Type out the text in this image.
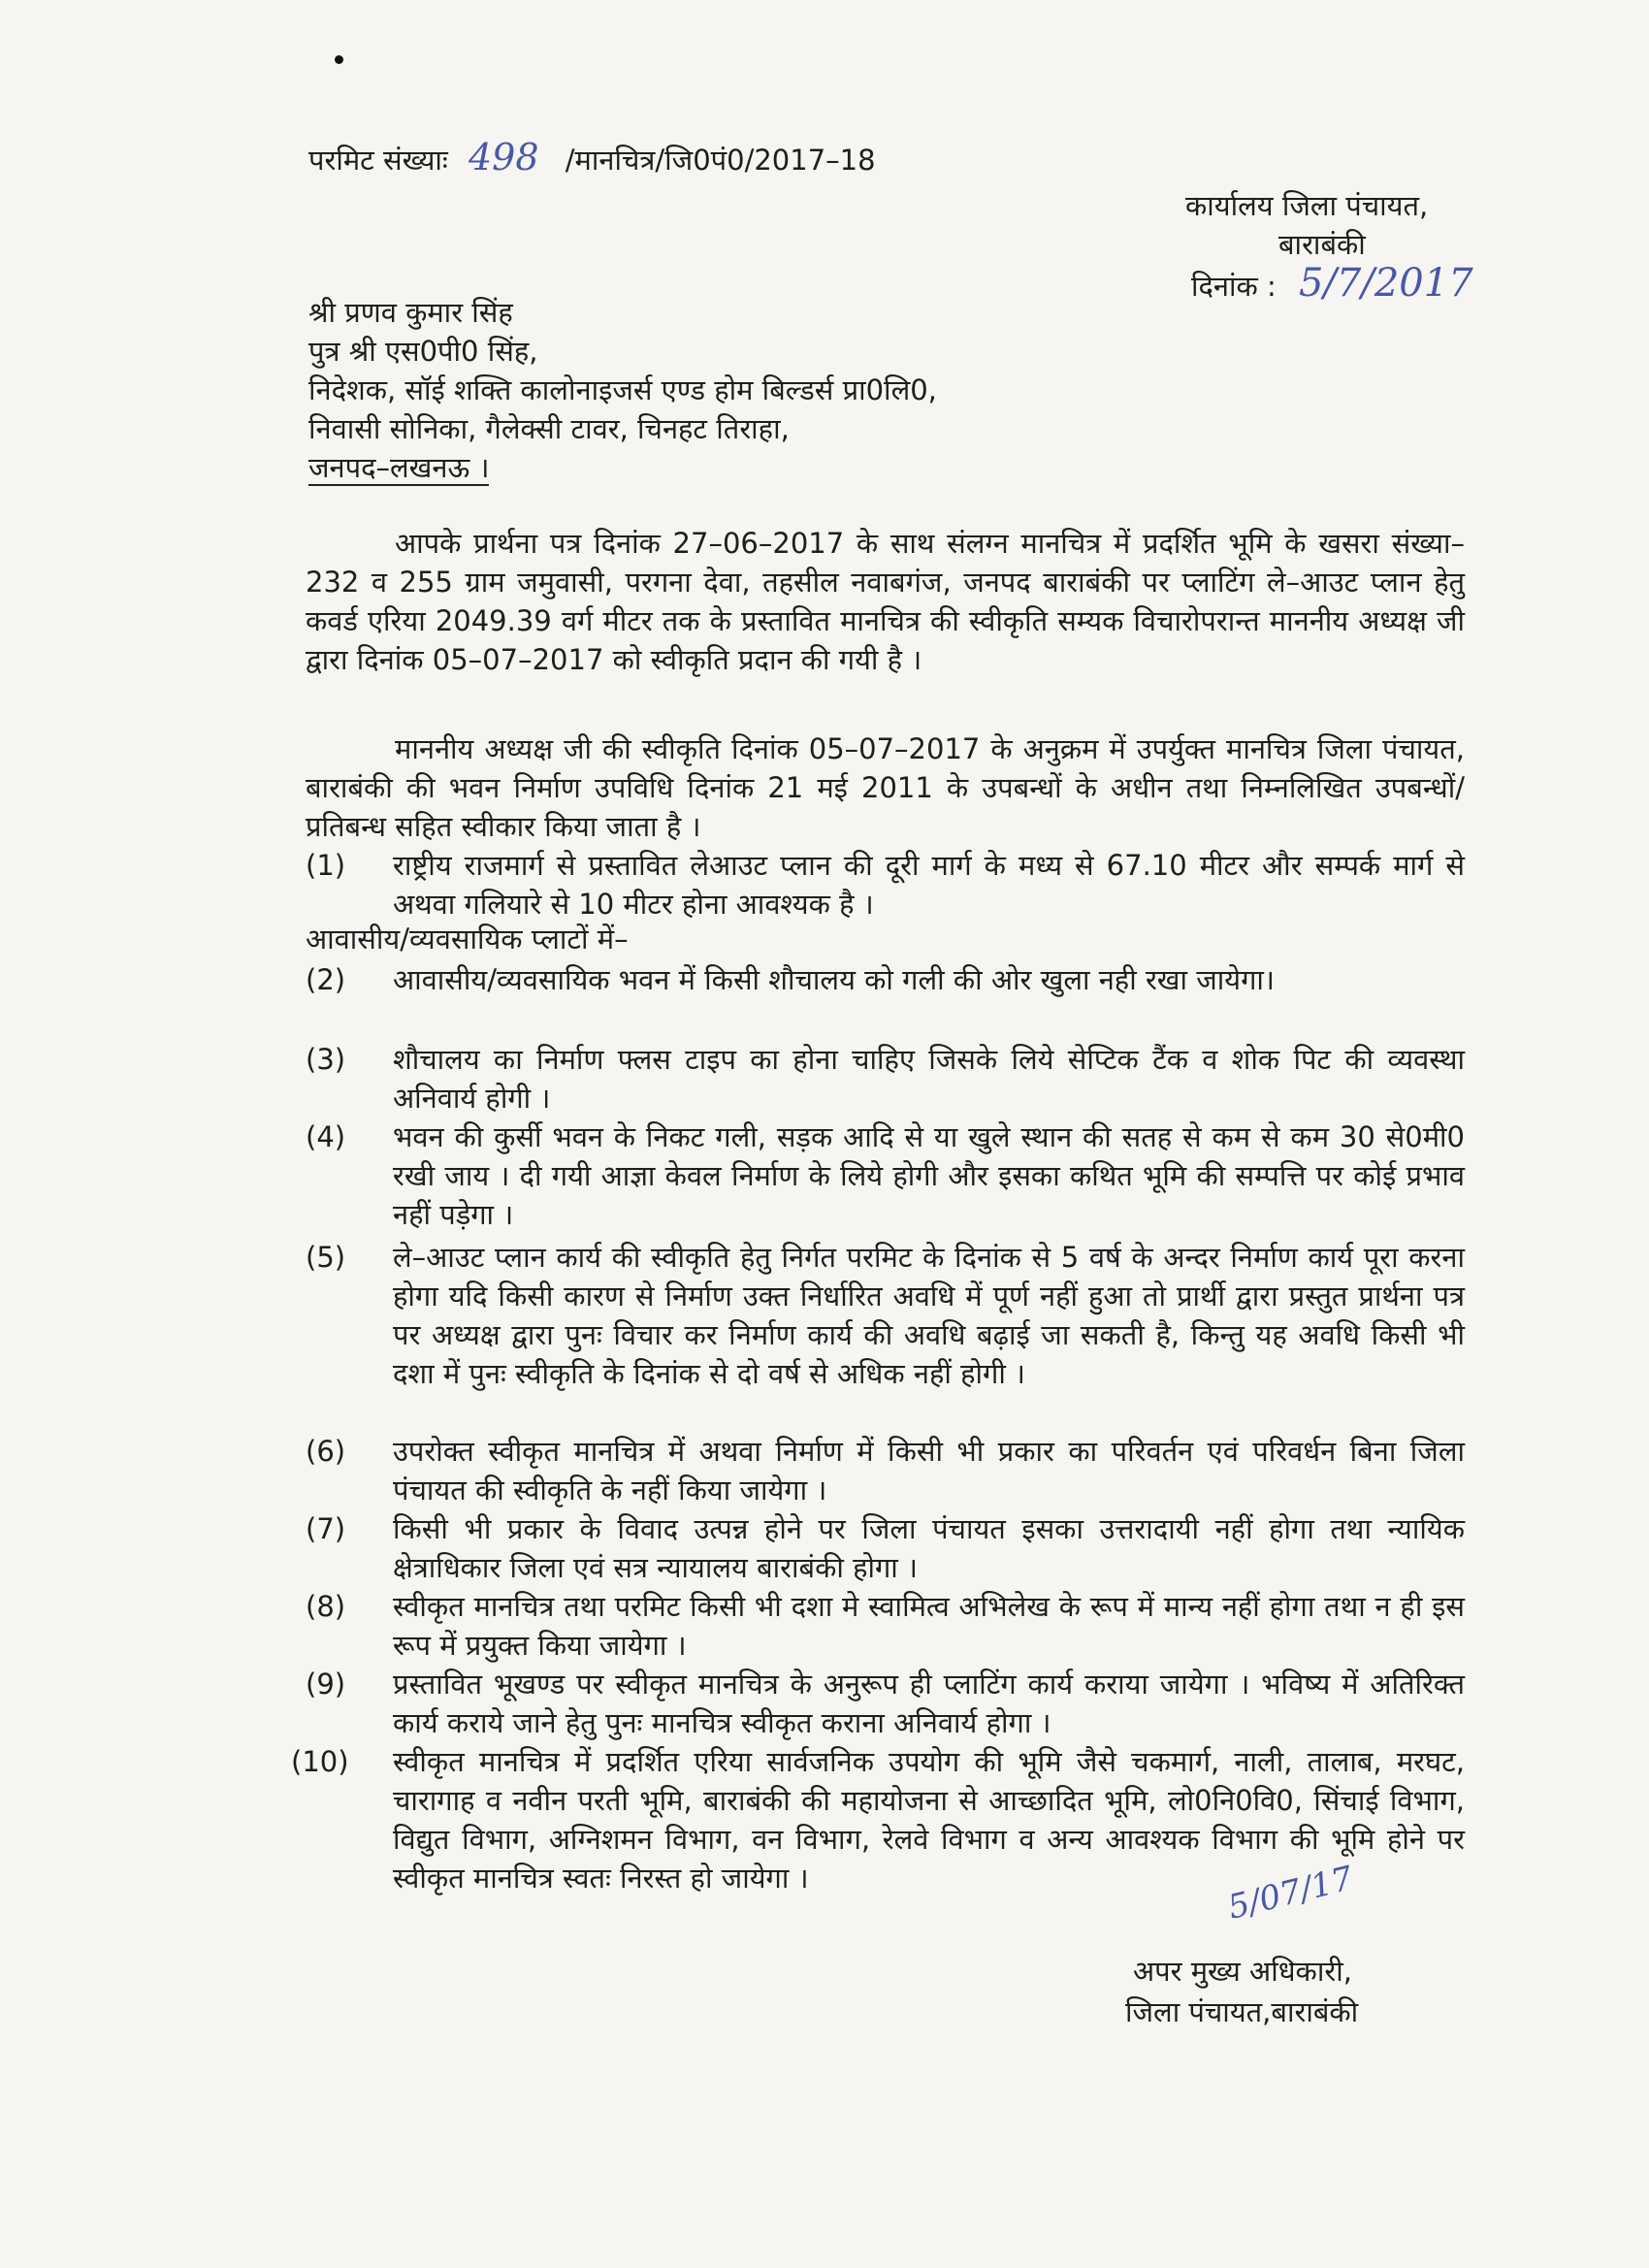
परमिट संख्याः 498 /मानचित्र/जि0पं0/2017–18
कार्यालय जिला पंचायत,
बाराबंकी
दिनांक : 5/7/2017
श्री प्रणव कुमार सिंह
पुत्र श्री एस0पी0 सिंह,
निदेशक, सॉई शक्ति कालोनाइजर्स एण्ड होम बिल्डर्स प्रा0लि0,
निवासी सोनिका, गैलेक्सी टावर, चिनहट तिराहा,
जनपद–लखनऊ ।
आपके प्रार्थना पत्र दिनांक 27–06–2017 के साथ संलग्न मानचित्र में प्रदर्शित भूमि के खसरा संख्या–232 व 255 ग्राम जमुवासी, परगना देवा, तहसील नवाबगंज, जनपद बाराबंकी पर प्लाटिंग ले–आउट प्लान हेतु कवर्ड एरिया 2049.39 वर्ग मीटर तक के प्रस्तावित मानचित्र की स्वीकृति सम्यक विचारोपरान्त माननीय अध्यक्ष जी द्वारा दिनांक 05–07–2017 को स्वीकृति प्रदान की गयी है ।
माननीय अध्यक्ष जी की स्वीकृति दिनांक 05–07–2017 के अनुक्रम में उपर्युक्त मानचित्र जिला पंचायत, बाराबंकी की भवन निर्माण उपविधि दिनांक 21 मई 2011 के उपबन्धों के अधीन तथा निम्नलिखित उपबन्धों/प्रतिबन्ध सहित स्वीकार किया जाता है ।
(1) राष्ट्रीय राजमार्ग से प्रस्तावित लेआउट प्लान की दूरी मार्ग के मध्य से 67.10 मीटर और सम्पर्क मार्ग से अथवा गलियारे से 10 मीटर होना आवश्यक है ।
आवासीय/व्यवसायिक प्लाटों में–
(2) आवासीय/व्यवसायिक भवन में किसी शौचालय को गली की ओर खुला नही रखा जायेगा।
(3) शौचालय का निर्माण फ्लस टाइप का होना चाहिए जिसके लिये सेप्टिक टैंक व शोक पिट की व्यवस्था अनिवार्य होगी ।
(4) भवन की कुर्सी भवन के निकट गली, सड़क आदि से या खुले स्थान की सतह से कम से कम 30 से0मी0 रखी जाय । दी गयी आज्ञा केवल निर्माण के लिये होगी और इसका कथित भूमि की सम्पत्ति पर कोई प्रभाव नहीं पड़ेगा ।
(5) ले–आउट प्लान कार्य की स्वीकृति हेतु निर्गत परमिट के दिनांक से 5 वर्ष के अन्दर निर्माण कार्य पूरा करना होगा यदि किसी कारण से निर्माण उक्त निर्धारित अवधि में पूर्ण नहीं हुआ तो प्रार्थी द्वारा प्रस्तुत प्रार्थना पत्र पर अध्यक्ष द्वारा पुनः विचार कर निर्माण कार्य की अवधि बढ़ाई जा सकती है, किन्तु यह अवधि किसी भी दशा में पुनः स्वीकृति के दिनांक से दो वर्ष से अधिक नहीं होगी ।
(6) उपरोक्त स्वीकृत मानचित्र में अथवा निर्माण में किसी भी प्रकार का परिवर्तन एवं परिवर्धन बिना जिला पंचायत की स्वीकृति के नहीं किया जायेगा ।
(7) किसी भी प्रकार के विवाद उत्पन्न होने पर जिला पंचायत इसका उत्तरादायी नहीं होगा तथा न्यायिक क्षेत्राधिकार जिला एवं सत्र न्यायालय बाराबंकी होगा ।
(8) स्वीकृत मानचित्र तथा परमिट किसी भी दशा मे स्वामित्व अभिलेख के रूप में मान्य नहीं होगा तथा न ही इस रूप में प्रयुक्त किया जायेगा ।
(9) प्रस्तावित भूखण्ड पर स्वीकृत मानचित्र के अनुरूप ही प्लाटिंग कार्य कराया जायेगा । भविष्य में अतिरिक्त कार्य कराये जाने हेतु पुनः मानचित्र स्वीकृत कराना अनिवार्य होगा ।
(10) स्वीकृत मानचित्र में प्रदर्शित एरिया सार्वजनिक उपयोग की भूमि जैसे चकमार्ग, नाली, तालाब, मरघट, चारागाह व नवीन परती भूमि, बाराबंकी की महायोजना से आच्छादित भूमि, लो0नि0वि0, सिंचाई विभाग, विद्युत विभाग, अग्निशमन विभाग, वन विभाग, रेलवे विभाग व अन्य आवश्यक विभाग की भूमि होने पर स्वीकृत मानचित्र स्वतः निरस्त हो जायेगा ।	5/07/17
अपर मुख्य अधिकारी,
जिला पंचायत,बाराबंकी
